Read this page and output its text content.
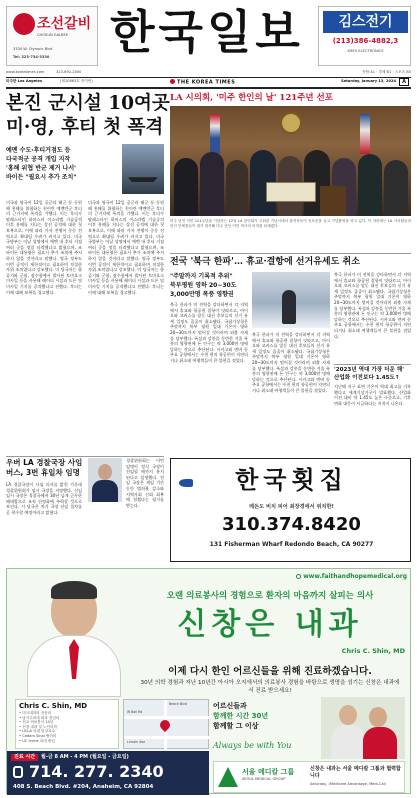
조선갈비
CHOSUN GALBEE
3330 W. Olympic Blvd
Tel: 323-734-3330 한국일보	김스전기
(213)386-4882,3
KIM'S ELECTRONICS
www.koreatimes.com	323-692-2000	종합 A1 · 경제 B1 · 스포츠 B5
미주판 Los Angeles	(제10863호 종이번)	THE KOREA TIMES	Saturday, January 13, 2024	A
본진 군시설 10여곳
미·영, 후티 첫 폭격
예멘 수도·후티거점도 등
다국적군 공격 개입 지작
'홍해 위협 반군 제거 나서'
바이든 "필요시 추가 조치"
미국과 영국이 12일 공군과 해군 등 동원해 홍해를 위협하는 친이란 예멘반군 후티의 근거지에 폭격을 가했다. 이는 후티가 팔레스타인 하마스의 이스라엘 기습공격 이후 홍해를 지나는 상선 공격에 대한 첫 보복으로, 이에 따라 가자 전쟁이 중동 전역으로 확대될 우려가 커지고 있다. 미국 국방부는 이날 성명에서 예멘 내 후티 거점 여러 곳을 정밀 타격했다고 밝혔으며, 조 바이든 대통령은 필요시 추가 조치에 주저하지 않을 것이라고 말했다. 영국 정부도 이번 공격이 제한적이고 필요하며 적절한 자위 조치였다고 강조했다. 미 당국자는 항공기와 군함, 잠수함에서 발사된 토마호크 미사일 등을 사용해 레이더 시설과 드론 및 미사일 기지를 공격했다고 전했다. 후티는 이에 대해 보복을 경고했다.
미국과 영국이 12일 공군과 해군 등 동원해 홍해를 위협하는 친이란 예멘반군 후티의 근거지에 폭격을 가했다. 이는 후티가 팔레스타인 하마스의 이스라엘 기습공격 이후 홍해를 지나는 상선 공격에 대한 첫 보복으로, 이에 따라 가자 전쟁이 중동 전역으로 확대될 우려가 커지고 있다. 미국 국방부는 이날 성명에서 예멘 내 후티 거점 여러 곳을 정밀 타격했다고 밝혔으며, 조 바이든 대통령은 필요시 추가 조치에 주저하지 않을 것이라고 말했다. 영국 정부도 이번 공격이 제한적이고 필요하며 적절한 자위 조치였다고 강조했다. 미 당국자는 항공기와 군함, 잠수함에서 발사된 토마호크 미사일 등을 사용해 레이더 시설과 드론 및 미사일 기지를 공격했다고 전했다. 후티는 이에 대해 보복을 경고했다.
LA 시의회, '미주 한인의 날' 121주년 선포
미주 한인 이민 121주년을 기념하는 12일 LA 한인회가 주최한 기념식에서 참석자들이 선포문을 들고 기념촬영을 하고 있다. 이 자리에는 LA 시의원들과 한인 단체장들이 대거 참석해 미주 한인 이민 역사의 의미를 되새겼다.
전국 '북극 한파'… 휴교·결항에 선거유세도 취소
"주말까지 기록적 추위"
북부평원 영하 20∼30도
3,000만명 폭풍 영향권
북극 한파가 미 전역을 강타하면서 각 지역에서 휴교와 항공편 결항이 잇따르고, 아이오와 코커스를 앞둔 대선 후보들의 선거 유세 일정도 줄줄이 취소됐다. 국립기상청은 주말까지 북부 평원 일대 기온이 영하 20~30도까지 떨어질 것이라며 외출 자제를 당부했다. 폭설과 강풍을 동반한 겨울 폭풍의 영향권에 든 인구는 약 3,000만 명에 달하는 것으로 추산된다. 시카고와 덴버 등 주요 공항에서는 수천 편의 항공편이 지연되거나 취소돼 여행객들이 큰 불편을 겪었다.
북극 한파가 미 전역을 강타하면서 각 지역에서 휴교와 항공편 결항이 잇따르고, 아이오와 코커스를 앞둔 대선 후보들의 선거 유세 일정도 줄줄이 취소됐다. 국립기상청은 주말까지 북부 평원 일대 기온이 영하 20~30도까지 떨어질 것이라며 외출 자제를 당부했다. 폭설과 강풍을 동반한 겨울 폭풍의 영향권에 든 인구는 약 3,000만 명에 달하는 것으로 추산된다. 시카고와 덴버 등 주요 공항에서는 수천 편의 항공편이 지연되거나 취소돼 여행객들이 큰 불편을 겪었다.
북극 한파가 미 전역을 강타하면서 각 지역에서 휴교와 항공편 결항이 잇따르고, 아이오와 코커스를 앞둔 대선 후보들의 선거 유세 일정도 줄줄이 취소됐다. 국립기상청은 주말까지 북부 평원 일대 기온이 영하 20~30도까지 떨어질 것이라며 외출 자제를 당부했다. 폭설과 강풍을 동반한 겨울 폭풍의 영향권에 든 인구는 약 3,000만 명에 달하는 것으로 추산된다. 시카고와 덴버 등 주요 공항에서는 수천 편의 항공편이 지연되거나 취소돼 여행객들이 큰 불편을 겪었다.
'2023년 역대 가장 더운 해' 산업화 이전보다 1.45도↑
지난해 지구 표면 기온이 역대 최고를 기록했다고 세계기상기구가 발표했다. 산업화 이전 대비 약 1.45도 높은 수준으로, 기후 변화 대응이 시급하다는 지적이 나온다.
우버 LA 경찰국장 사임
버스, 3번 휴일차 임명
LA 경찰국장이 사임 의사를 밝힌 가운데 경찰위원회가 임시 국장을 지명했다. 신임 임시 국장은 경찰국에서 30년 넘게 근무한 베테랑으로 조직 안정화에 주력할 것으로 보인다. 시 당국은 차기 국장 선임 절차를 곧 착수할 예정이라고 밝혔다.
경찰위원회는 이번 임명이 정식 국장이 선임될 때까지 유지된다고 설명했다. 전임 국장은 재임 기간 동안 범죄율 감소와 지역사회 신뢰 회복에 힘썼다는 평가를 받는다.
한국횟집
레돈도 비치 피어 최장경에서 위치한!
310.374.8420
131 Fisherman Wharf Redondo Beach, CA 90277
www.faithandhopemedical.org
오랜 의료봉사의 경험으로 환자의 마음까지 살피는 의사
신창은 내과
Chris C. Shin, MD
이제 다시 한인 어르신들을 위해 진료하겠습니다.
30년 의학 경험과 지난 10년간 아시아 오지에서의 의료봉사 경험을 바탕으로 생명을 섬기는 신창은 내과에서 진료 받으세요!
Chris C. Shin, MD
• 미국내과의 전문의
• 남가주의대 내과 전임의
• 선교 의료봉사 10년
• 신장 내과 및 노인의학
• UCLA 의대 임상교수
• Cedars Sinai 협력의
• UC Irvine 의대 졸업
W Ball Rd
Beach Blvd
Lincoln Ave
어르신들과
함께한 시간 30년
함께할 그 이상
Always be with You
진료 시간	월-금 8 AM - 4 PM (월요일 - 금요일)
714. 277. 2340
408 S. Beach Blvd. #204, Anaheim, CA 92804
서울 메디칼 그룹
SEOUL MEDICAL GROUP
신창은 내과는 서울 메디칼 그룹과 협력합니다
Saturday, (Medicare Advantage, Medi-Cal)
